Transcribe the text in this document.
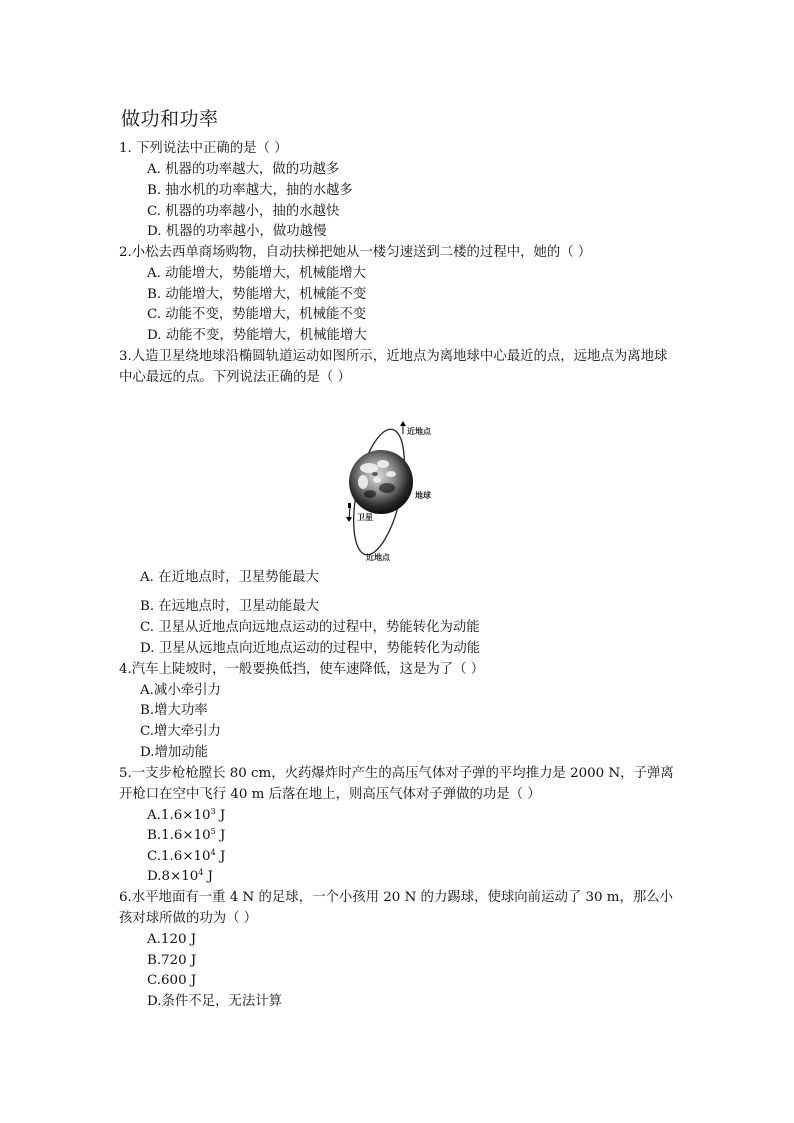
做功和功率
1. 下列说法中正确的是（ ）
A. 机器的功率越大，做的功越多
B. 抽水机的功率越大，抽的水越多
C. 机器的功率越小，抽的水越快
D. 机器的功率越小，做功越慢
2.小松去西单商场购物，自动扶梯把她从一楼匀速送到二楼的过程中，她的（ ）
A. 动能增大，势能增大，机械能增大
B. 动能增大，势能增大，机械能不变
C. 动能不变，势能增大，机械能不变
D. 动能不变，势能增大，机械能增大
3.人造卫星绕地球沿椭圆轨道运动如图所示，近地点为离地球中心最近的点，远地点为离地球中心最远的点。下列说法正确的是（ ）
近地点
地球
卫星
近地点
A. 在近地点时，卫星势能最大
B. 在远地点时，卫星动能最大
C. 卫星从近地点向远地点运动的过程中，势能转化为动能
D. 卫星从远地点向近地点运动的过程中，势能转化为动能
4.汽车上陡坡时，一般要换低挡，使车速降低，这是为了（ ）
A.减小牵引力
B.增大功率
C.增大牵引力
D.增加动能
5.一支步枪枪膛长 80 cm，火药爆炸时产生的高压气体对子弹的平均推力是 2000 N，子弹离开枪口在空中飞行 40 m 后落在地上，则高压气体对子弹做的功是（ ）
$A.1.6\times 10^3$ J
$B.1.6\times 10^5$ J
$C.1.6\times 10^4$ J
$D.8\times 10^4$ J
6.水平地面有一重 4 N 的足球，一个小孩用 20 N 的力踢球，使球向前运动了 30 m，那么小孩对球所做的功为（ ）
A.120 J
B.720 J
C.600 J
D.条件不足，无法计算
